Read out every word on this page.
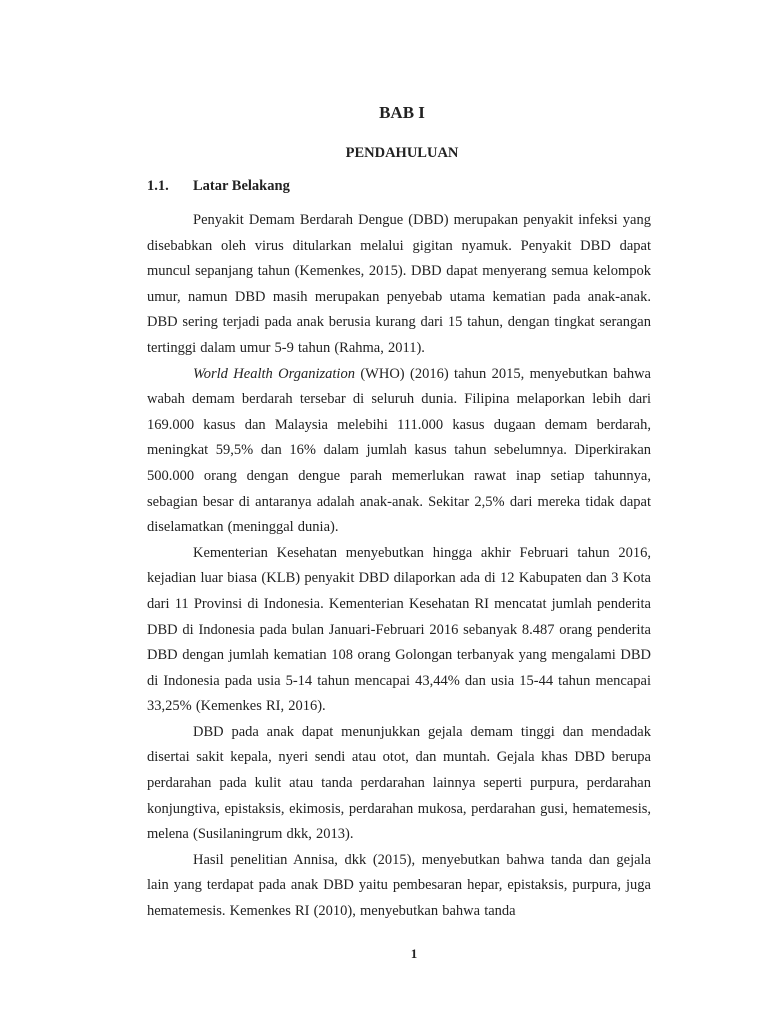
BAB I
PENDAHULUAN
1.1. Latar Belakang

Penyakit Demam Berdarah Dengue (DBD) merupakan penyakit infeksi yang disebabkan oleh virus ditularkan melalui gigitan nyamuk. Penyakit DBD dapat muncul sepanjang tahun (Kemenkes, 2015). DBD dapat menyerang semua kelompok umur, namun DBD masih merupakan penyebab utama kematian pada anak-anak. DBD sering terjadi pada anak berusia kurang dari 15 tahun, dengan tingkat serangan tertinggi dalam umur 5-9 tahun (Rahma, 2011).

World Health Organization (WHO) (2016) tahun 2015, menyebutkan bahwa wabah demam berdarah tersebar di seluruh dunia. Filipina melaporkan lebih dari 169.000 kasus dan Malaysia melebihi 111.000 kasus dugaan demam berdarah, meningkat 59,5% dan 16% dalam jumlah kasus tahun sebelumnya. Diperkirakan 500.000 orang dengan dengue parah memerlukan rawat inap setiap tahunnya, sebagian besar di antaranya adalah anak-anak. Sekitar 2,5% dari mereka tidak dapat diselamatkan (meninggal dunia).

Kementerian Kesehatan menyebutkan hingga akhir Februari tahun 2016, kejadian luar biasa (KLB) penyakit DBD dilaporkan ada di 12 Kabupaten dan 3 Kota dari 11 Provinsi di Indonesia. Kementerian Kesehatan RI mencatat jumlah penderita DBD di Indonesia pada bulan Januari-Februari 2016 sebanyak 8.487 orang penderita DBD dengan jumlah kematian 108 orang Golongan terbanyak yang mengalami DBD di Indonesia pada usia 5-14 tahun mencapai 43,44% dan usia 15-44 tahun mencapai 33,25% (Kemenkes RI, 2016).

DBD pada anak dapat menunjukkan gejala demam tinggi dan mendadak disertai sakit kepala, nyeri sendi atau otot, dan muntah. Gejala khas DBD berupa perdarahan pada kulit atau tanda perdarahan lainnya seperti purpura, perdarahan konjungtiva, epistaksis, ekimosis, perdarahan mukosa, perdarahan gusi, hematemesis, melena (Susilaningrum dkk, 2013).

Hasil penelitian Annisa, dkk (2015), menyebutkan bahwa tanda dan gejala lain yang terdapat pada anak DBD yaitu pembesaran hepar, epistaksis, purpura, juga hematemesis. Kemenkes RI (2010), menyebutkan bahwa tanda

1
